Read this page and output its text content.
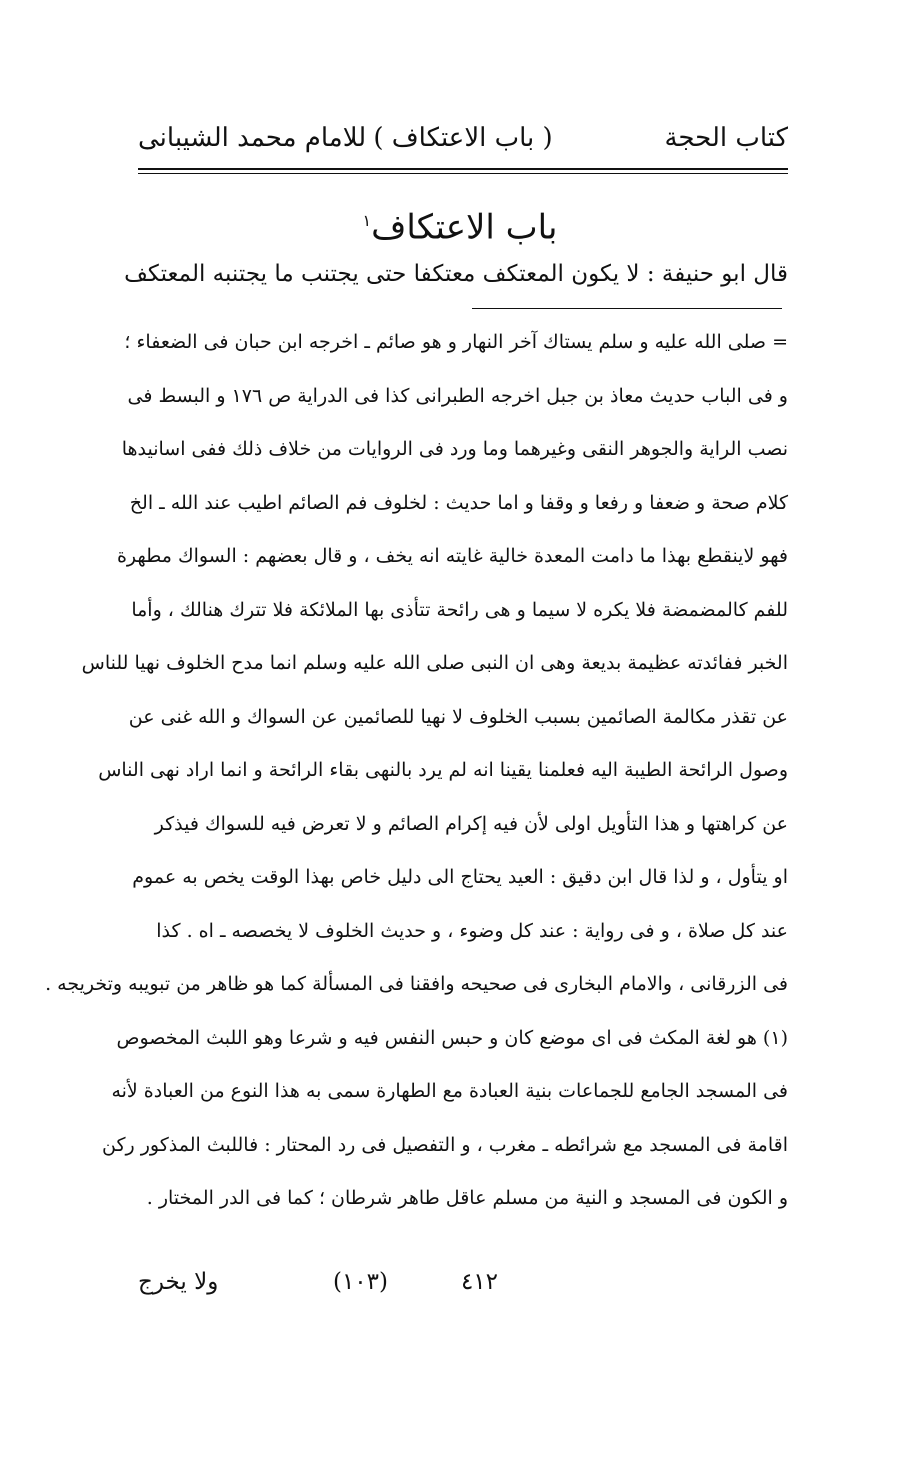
كتاب الحجة
( باب الاعتكاف )
للامام محمد الشيبانى
باب الاعتكاف$^١$
قال ابو حنيفة : لا يكون المعتكف معتكفا حتى يجتنب ما يجتنبه المعتكف
= صلى الله عليه و سلم يستاك آخر النهار و هو صائم ـ اخرجه ابن حبان فى الضعفاء ؛
و فى الباب حديث معاذ بن جبل اخرجه الطبرانى كذا فى الدراية ص ١٧٦ و البسط فى
نصب الراية والجوهر النقى وغيرهما وما ورد فى الروايات من خلاف ذلك ففى اسانيدها
كلام صحة و ضعفا و رفعا و وقفا و اما حديث : لخلوف فم الصائم اطيب عند الله ـ الخ
فهو لاينقطع بهذا ما دامت المعدة خالية غايته انه يخف ، و قال بعضهم : السواك مطهرة
للفم كالمضمضة فلا يكره لا سيما و هى رائحة تتأذى بها الملائكة فلا تترك هنالك ، وأما
الخبر ففائدته عظيمة بديعة وهى ان النبى صلى الله عليه وسلم انما مدح الخلوف نهيا للناس
عن تقذر مكالمة الصائمين بسبب الخلوف لا نهيا للصائمين عن السواك و الله غنى عن
وصول الرائحة الطيبة اليه فعلمنا يقينا انه لم يرد بالنهى بقاء الرائحة و انما اراد نهى الناس
عن كراهتها و هذا التأويل اولى لأن فيه إكرام الصائم و لا تعرض فيه للسواك فيذكر
او يتأول ، و لذا قال ابن دقيق : العيد يحتاج الى دليل خاص بهذا الوقت يخص به عموم
عند كل صلاة ، و فى رواية : عند كل وضوء ، و حديث الخلوف لا يخصصه ـ اه . كذا
فى الزرقانى ، والامام البخارى فى صحيحه وافقنا فى المسألة كما هو ظاهر من تبويبه وتخريجه .
(١) هو لغة المكث فى اى موضع كان و حبس النفس فيه و شرعا وهو اللبث المخصوص
فى المسجد الجامع للجماعات بنية العبادة مع الطهارة سمى به هذا النوع من العبادة لأنه
اقامة فى المسجد مع شرائطه ـ مغرب ، و التفصيل فى رد المحتار : فاللبث المذكور ركن
و الكون فى المسجد و النية من مسلم عاقل طاهر شرطان ؛ كما فى الدر المختار .
٤١٢
(١٠٣)
ولا يخرج
